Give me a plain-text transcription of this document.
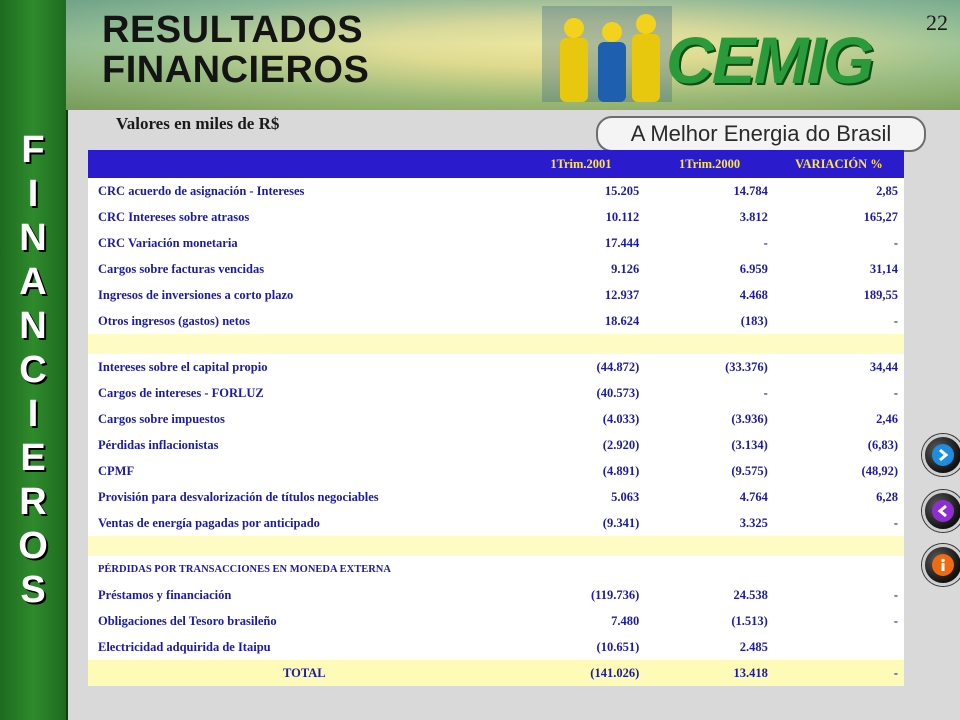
F
I
N
A
N
C
I
E
R
O
S
CEMIG
RESULTADOS
FINANCIEROS
22
A Melhor Energia do Brasil
Valores en miles de R$
	1Trim.2001	1Trim.2000	VARIACIÓN %
CRC acuerdo de asignación - Intereses	15.205	14.784	2,85
CRC Intereses sobre atrasos	10.112	3.812	165,27
CRC Variación monetaria	17.444	-	-
Cargos sobre facturas vencidas	9.126	6.959	31,14
Ingresos de inversiones a corto plazo	12.937	4.468	189,55
Otros ingresos (gastos) netos	18.624	(183)	-

Intereses sobre el capital propio	(44.872)	(33.376)	34,44
Cargos de intereses - FORLUZ	(40.573)	-	-
Cargos sobre impuestos	(4.033)	(3.936)	2,46
Pérdidas inflacionistas	(2.920)	(3.134)	(6,83)
CPMF	(4.891)	(9.575)	(48,92)
Provisión para desvalorización de títulos negociables	5.063	4.764	6,28
Ventas de energía pagadas por anticipado	(9.341)	3.325	-

PÉRDIDAS POR TRANSACCIONES EN MONEDA EXTERNA			
Préstamos y financiación	(119.736)	24.538	-
Obligaciones del Tesoro brasileño	7.480	(1.513)	-
Electricidad adquirida de Itaipu	(10.651)	2.485	
TOTAL	(141.026)	13.418	-
